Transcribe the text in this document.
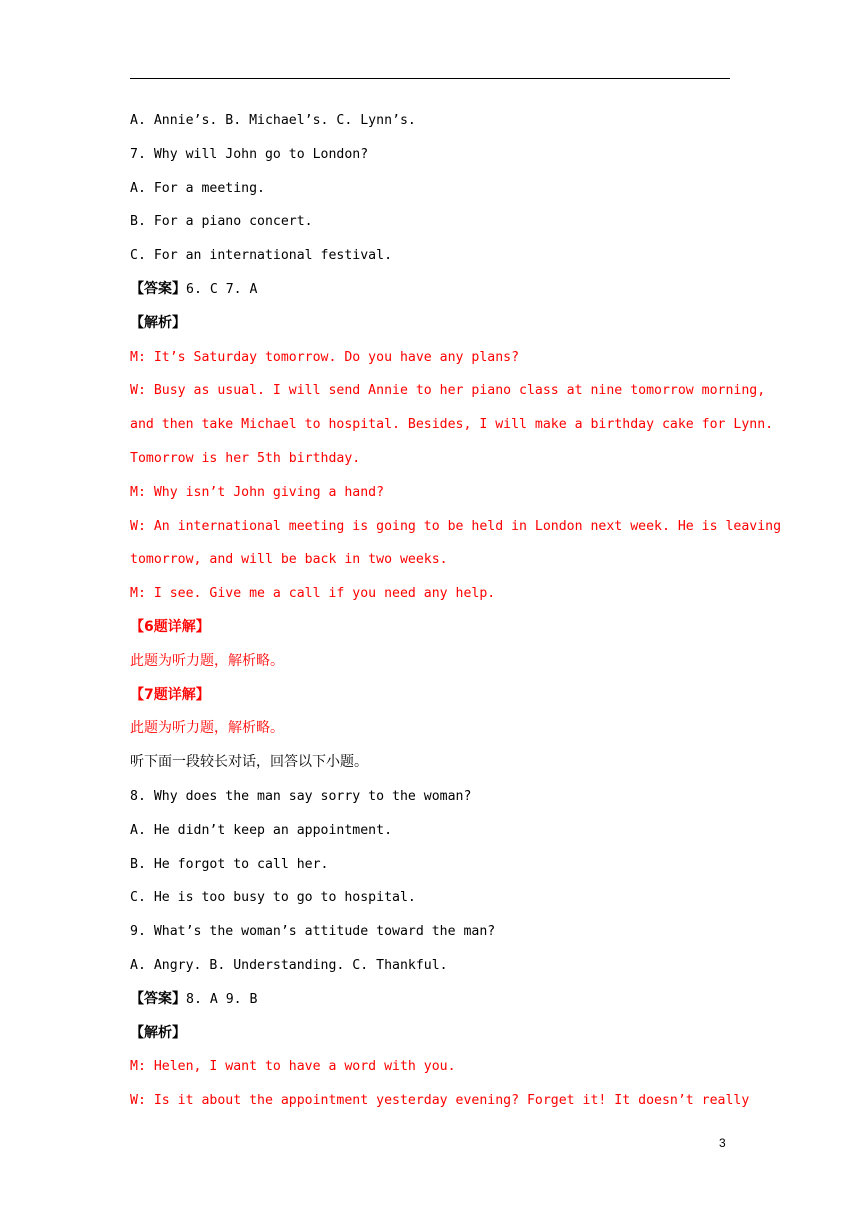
A. Annie’s. B. Michael’s. C. Lynn’s.
7. Why will John go to London?
A. For a meeting.
B. For a piano concert.
C. For an international festival.
【答案】6. C 7. A
【解析】
M: It’s Saturday tomorrow. Do you have any plans?
W: Busy as usual. I will send Annie to her piano class at nine tomorrow morning,
and then take Michael to hospital. Besides, I will make a birthday cake for Lynn.
Tomorrow is her 5th birthday.
M: Why isn’t John giving a hand?
W: An international meeting is going to be held in London next week. He is leaving
tomorrow, and will be back in two weeks.
M: I see. Give me a call if you need any help.
【6题详解】
此题为听力题，解析略。
【7题详解】
此题为听力题，解析略。
听下面一段较长对话，回答以下小题。
8. Why does the man say sorry to the woman?
A. He didn’t keep an appointment.
B. He forgot to call her.
C. He is too busy to go to hospital.
9. What’s the woman’s attitude toward the man?
A. Angry. B. Understanding. C. Thankful.
【答案】8. A 9. B
【解析】
M: Helen, I want to have a word with you.
W: Is it about the appointment yesterday evening? Forget it! It doesn’t really
3
